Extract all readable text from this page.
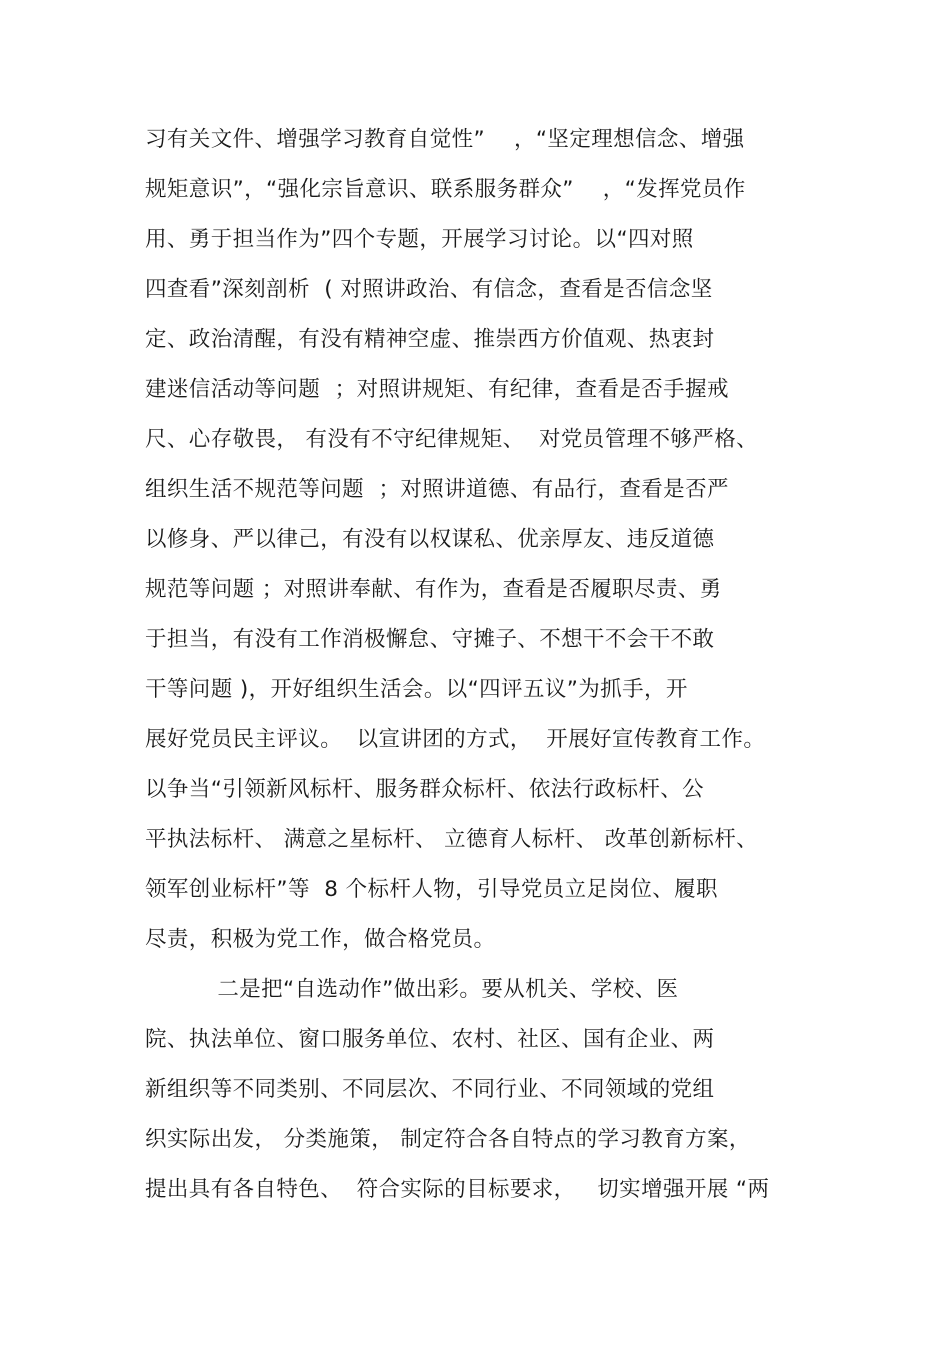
习有关文件、增强学习教育自觉性”    ，“坚定理想信念、增强
规矩意识”，“强化宗旨意识、联系服务群众”    ，“发挥党员作
用、勇于担当作为”四个专题，开展学习讨论。以“四对照
四查看”深刻剖析  ( 对照讲政治、有信念，查看是否信念坚
定、政治清醒，有没有精神空虚、推崇西方价值观、热衷封
建迷信活动等问题  ；对照讲规矩、有纪律，查看是否手握戒
尺、心存敬畏， 有没有不守纪律规矩、  对党员管理不够严格、
组织生活不规范等问题  ；对照讲道德、有品行，查看是否严
以修身、严以律己，有没有以权谋私、优亲厚友、违反道德
规范等问题 ；对照讲奉献、有作为，查看是否履职尽责、勇
于担当，有没有工作消极懈怠、守摊子、不想干不会干不敢
干等问题 )，开好组织生活会。以“四评五议”为抓手，开
展好党员民主评议。  以宣讲团的方式，  开展好宣传教育工作。
以争当“引领新风标杆、服务群众标杆、依法行政标杆、公
平执法标杆、 满意之星标杆、 立德育人标杆、 改革创新标杆、
领军创业标杆”等  8 个标杆人物，引导党员立足岗位、履职
尽责，积极为党工作，做合格党员。
二是把“自选动作”做出彩。要从机关、学校、医
院、执法单位、窗口服务单位、农村、社区、国有企业、两
新组织等不同类别、不同层次、不同行业、不同领域的党组
织实际出发， 分类施策， 制定符合各自特点的学习教育方案，
提出具有各自特色、  符合实际的目标要求，   切实增强开展 “两
